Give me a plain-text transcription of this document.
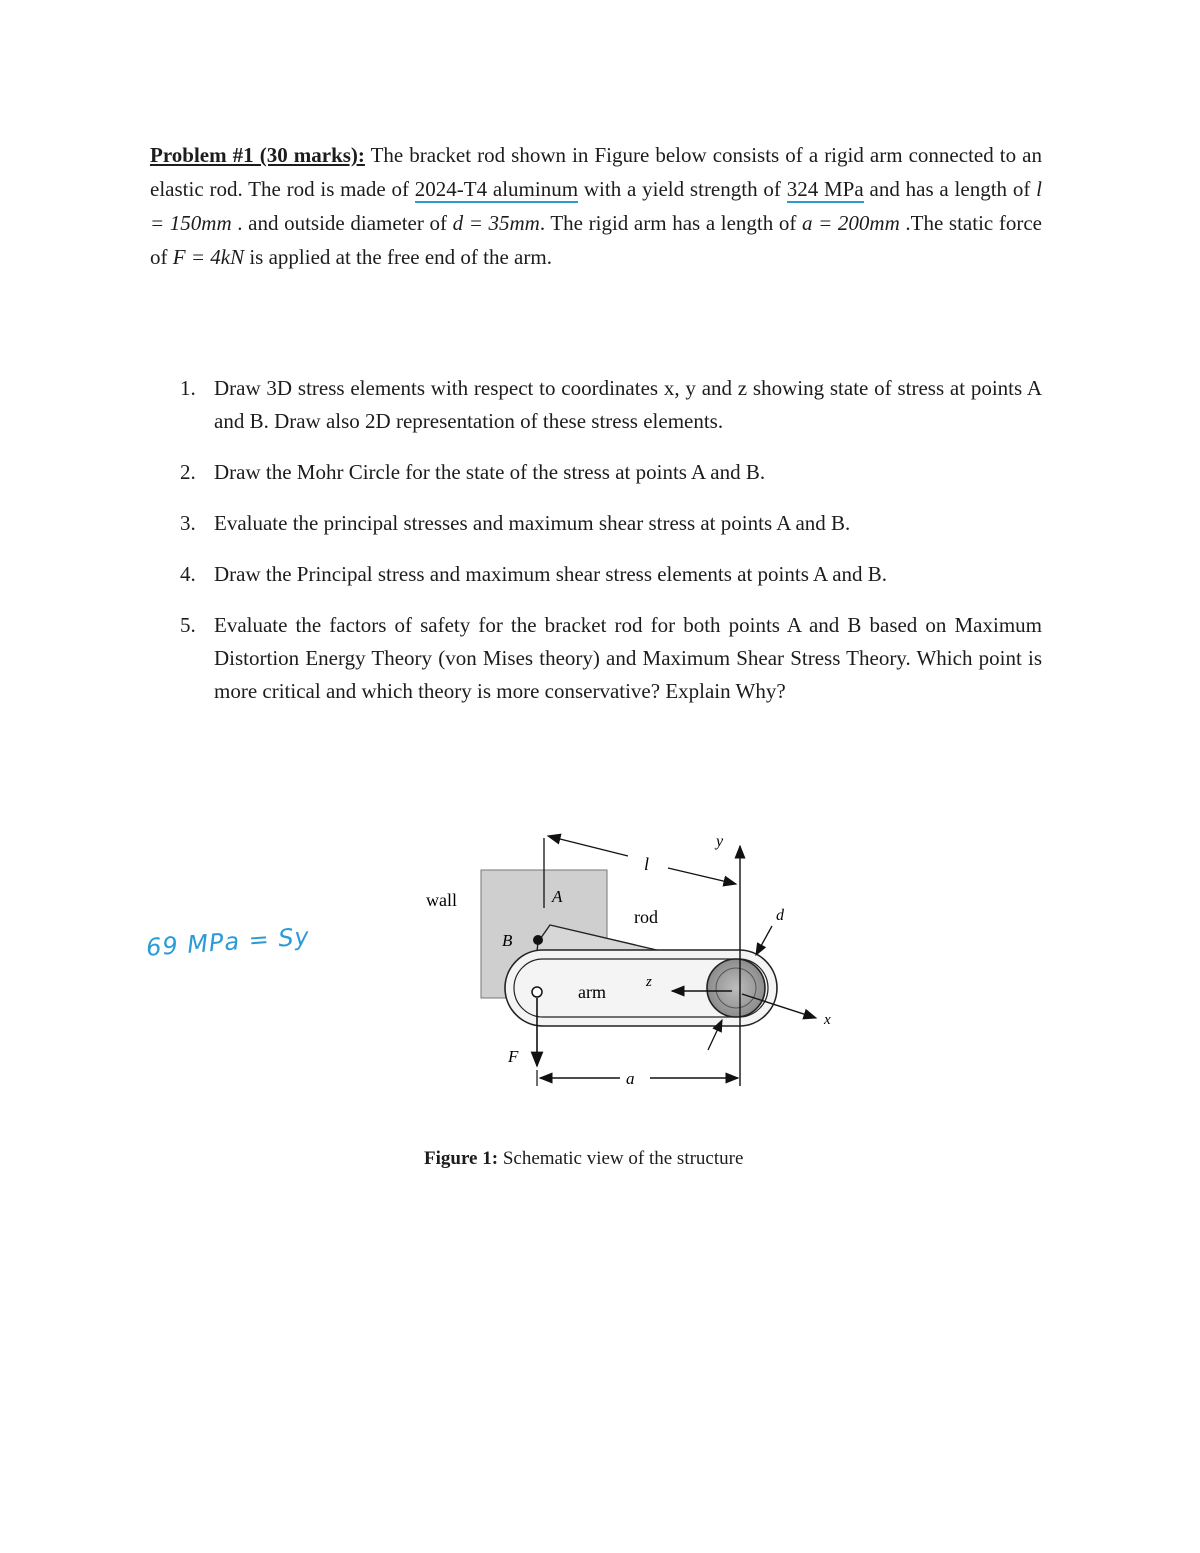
Problem #1 (30 marks): The bracket rod shown in Figure below consists of a rigid arm connected to an elastic rod. The rod is made of 2024-T4 aluminum with a yield strength of 324 MPa and has a length of l = 150mm . and outside diameter of d = 35mm. The rigid arm has a length of a = 200mm .The static force of F = 4kN is applied at the free end of the arm.
1. Draw 3D stress elements with respect to coordinates x, y and z showing state of stress at points A and B. Draw also 2D representation of these stress elements.
2. Draw the Mohr Circle for the state of the stress at points A and B.
3. Evaluate the principal stresses and maximum shear stress at points A and B.
4. Draw the Principal stress and maximum shear stress elements at points A and B.
5. Evaluate the factors of safety for the bracket rod for both points A and B based on Maximum Distortion Energy Theory (von Mises theory) and Maximum Shear Stress Theory. Which point is more critical and which theory is more conservative? Explain Why?
69 MPa = Sy
wall
B
A
rod
arm
l
y
d
z
x
F
a
Figure 1: Schematic view of the structure
